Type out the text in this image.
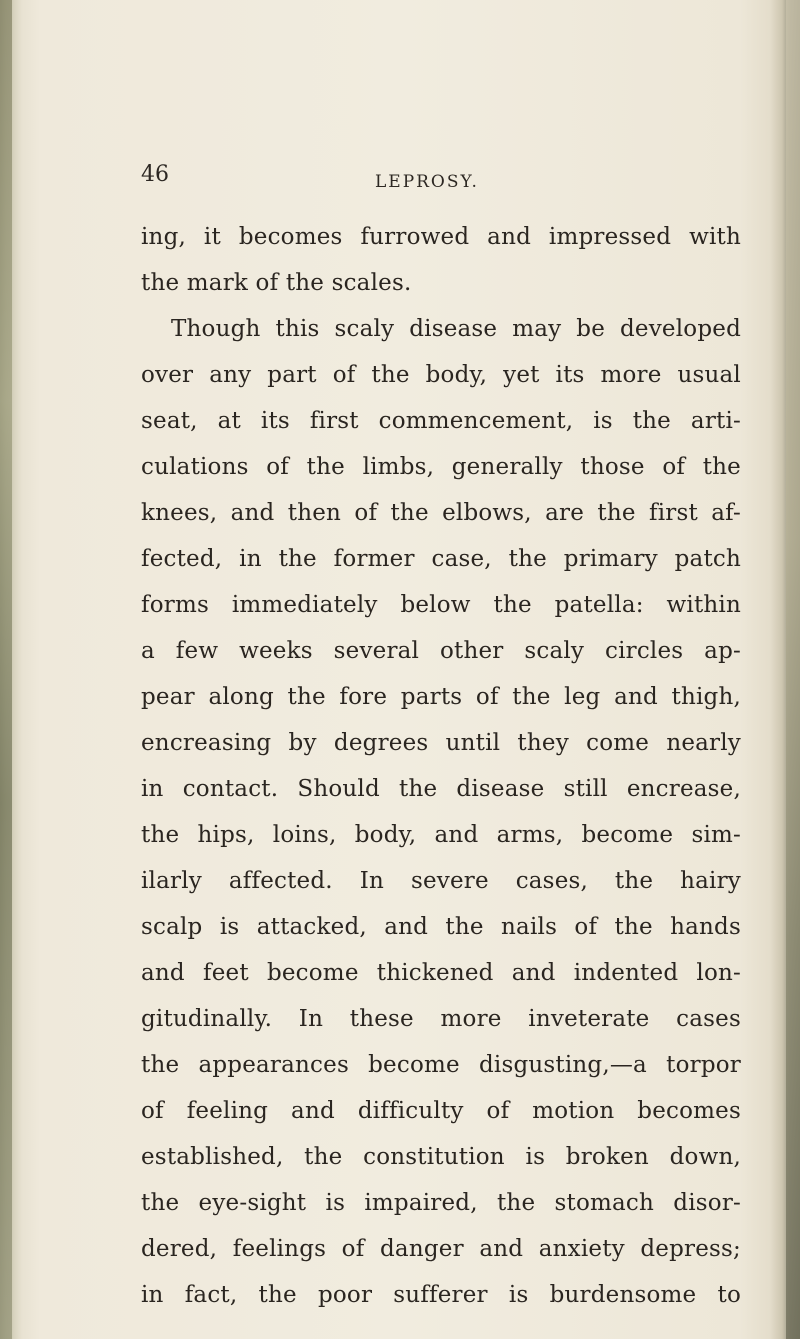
46	LEPROSY.
ing, it becomes furrowed and impressed with
the mark of the scales.
Though this scaly disease may be developed
over any part of the body, yet its more usual
seat, at its first commencement, is the arti-
culations of the limbs, generally those of the
knees, and then of the elbows, are the first af-
fected, in the former case, the primary patch
forms immediately below the patella: within
a few weeks several other scaly circles ap-
pear along the fore parts of the leg and thigh,
encreasing by degrees until they come nearly
in contact. Should the disease still encrease,
the hips, loins, body, and arms, become sim-
ilarly affected. In severe cases, the hairy
scalp is attacked, and the nails of the hands
and feet become thickened and indented lon-
gitudinally. In these more inveterate cases
the appearances become disgusting,—a torpor
of feeling and difficulty of motion becomes
established, the constitution is broken down,
the eye-sight is impaired, the stomach disor-
dered, feelings of danger and anxiety depress;
in fact, the poor sufferer is burdensome to
